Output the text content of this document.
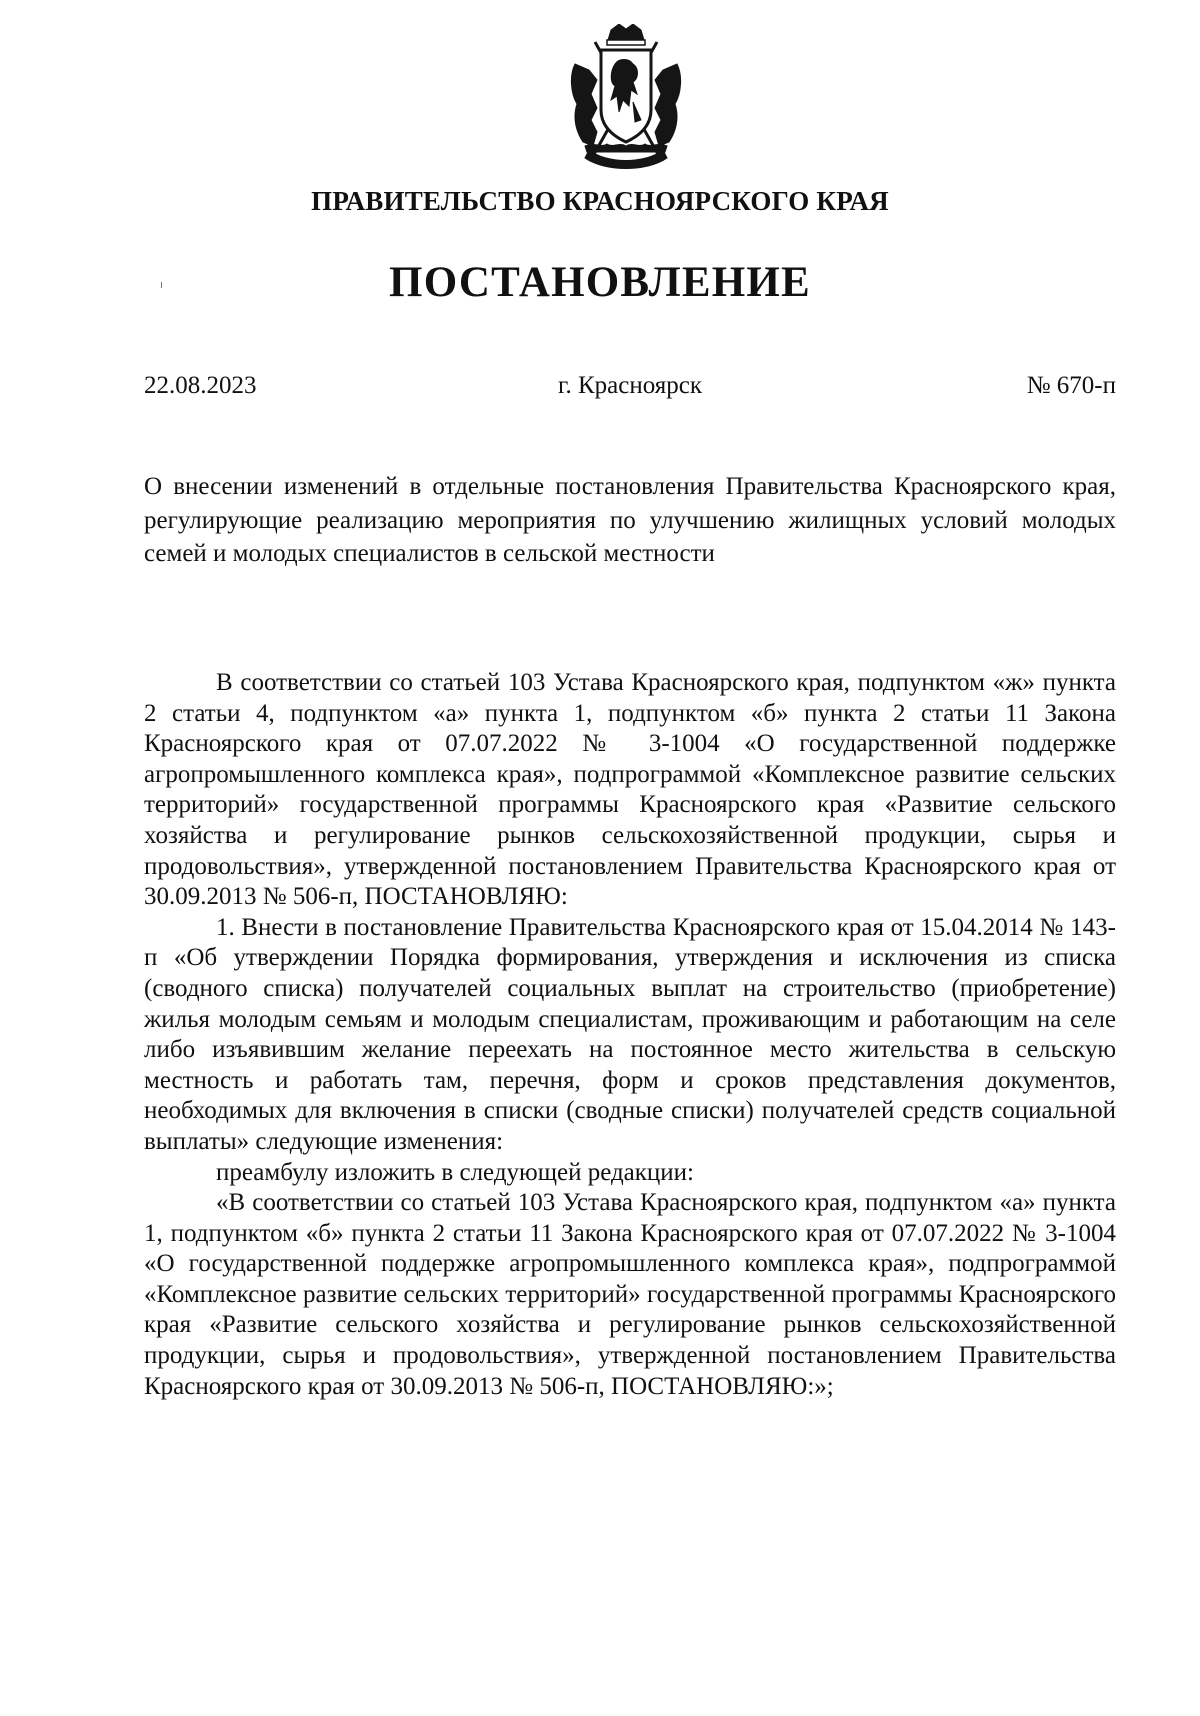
ПРАВИТЕЛЬСТВО КРАСНОЯРСКОГО КРАЯ
ПОСТАНОВЛЕНИЕ
22.08.2023	г. Красноярск	№ 670-п
О внесении изменений в отдельные постановления Правительства Красноярского края, регулирующие реализацию мероприятия по улучшению жилищных условий молодых семей и молодых специалистов в сельской местности

В соответствии со статьей 103 Устава Красноярского края, подпунктом «ж» пункта 2 статьи 4, подпунктом «а» пункта 1, подпунктом «б» пункта 2 статьи 11 Закона Красноярского края от 07.07.2022 № 3-1004 «О государственной поддержке агропромышленного комплекса края», подпрограммой «Комплексное развитие сельских территорий» государственной программы Красноярского края «Развитие сельского хозяйства и регулирование рынков сельскохозяйственной продукции, сырья и продовольствия», утвержденной постановлением Правительства Красноярского края от 30.09.2013 № 506-п, ПОСТАНОВЛЯЮ:

1. Внести в постановление Правительства Красноярского края от 15.04.2014 № 143-п «Об утверждении Порядка формирования, утверждения и исключения из списка (сводного списка) получателей социальных выплат на строительство (приобретение) жилья молодым семьям и молодым специалистам, проживающим и работающим на селе либо изъявившим желание переехать на постоянное место жительства в сельскую местность и работать там, перечня, форм и сроков представления документов, необходимых для включения в списки (сводные списки) получателей средств социальной выплаты» следующие изменения:

преамбулу изложить в следующей редакции:

«В соответствии со статьей 103 Устава Красноярского края, подпунктом «а» пункта 1, подпунктом «б» пункта 2 статьи 11 Закона Красноярского края от 07.07.2022 № 3-1004 «О государственной поддержке агропромышленного комплекса края», подпрограммой «Комплексное развитие сельских территорий» государственной программы Красноярского края «Развитие сельского хозяйства и регулирование рынков сельскохозяйственной продукции, сырья и продовольствия», утвержденной постановлением Правительства Красноярского края от 30.09.2013 № 506-п, ПОСТАНОВЛЯЮ:»;
